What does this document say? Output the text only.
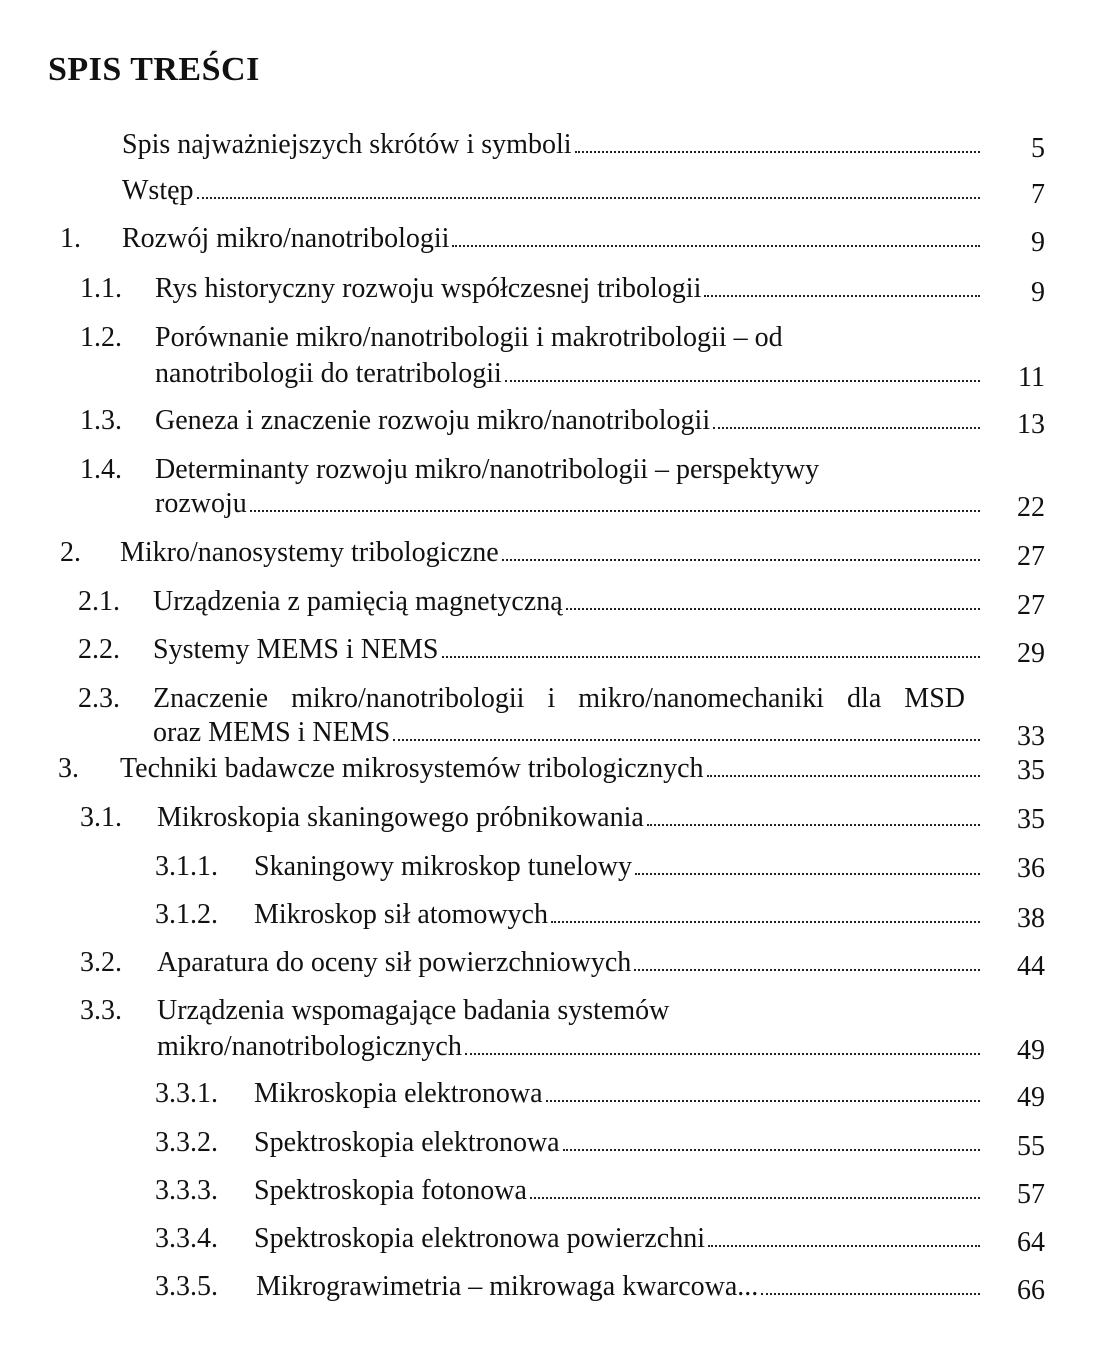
SPIS TREŚCI
Spis najważniejszych skrótów i symboli	5
Wstęp	7
1. Rozwój mikro/nanotribologii	9
1.1. Rys historyczny rozwoju współczesnej tribologii	9
1.2. Porównanie mikro/nanotribologii i makrotribologii – od
nanotribologii do teratribologii	11
1.3. Geneza i znaczenie rozwoju mikro/nanotribologii	13
1.4. Determinanty rozwoju mikro/nanotribologii – perspektywy
rozwoju	22
2. Mikro/nanosystemy tribologiczne	27
2.1. Urządzenia z pamięcią magnetyczną	27
2.2. Systemy MEMS i NEMS	29
2.3. Znaczenie mikro/nanotribologii i mikro/nanomechaniki dla MSD
oraz MEMS i NEMS	33
3. Techniki badawcze mikrosystemów tribologicznych	35
3.1. Mikroskopia skaningowego próbnikowania	35
3.1.1. Skaningowy mikroskop tunelowy	36
3.1.2. Mikroskop sił atomowych	38
3.2. Aparatura do oceny sił powierzchniowych	44
3.3. Urządzenia wspomagające badania systemów
mikro/nanotribologicznych	49
3.3.1. Mikroskopia elektronowa	49
3.3.2. Spektroskopia elektronowa	55
3.3.3. Spektroskopia fotonowa	57
3.3.4. Spektroskopia elektronowa powierzchni	64
3.3.5. Mikrograwimetria – mikrowaga kwarcowa...	66
